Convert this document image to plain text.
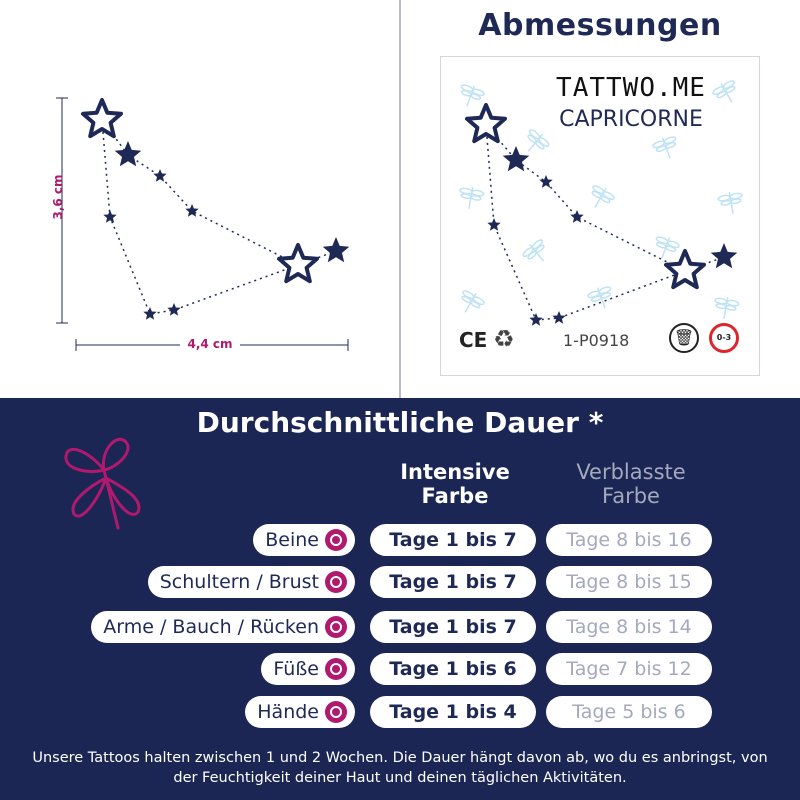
4,4 cm
3,6 cm
Abmessungen
TATTWO.ME
CAPRICORNE
CE ♻	1-P0918	🗑	0-3
Durchschnittliche Dauer *
Intensive Farbe
Verblasste Farbe
Beine	Tage 1 bis 7	Tage 8 bis 16
Schultern / Brust	Tage 1 bis 7	Tage 8 bis 15
Arme / Bauch / Rücken	Tage 1 bis 7	Tage 8 bis 14
Füße	Tage 1 bis 6	Tage 7 bis 12
Hände	Tage 1 bis 4	Tage 5 bis 6
Unsere Tattoos halten zwischen 1 und 2 Wochen. Die Dauer hängt davon ab, wo du es anbringst, von der Feuchtigkeit deiner Haut und deinen täglichen Aktivitäten.
